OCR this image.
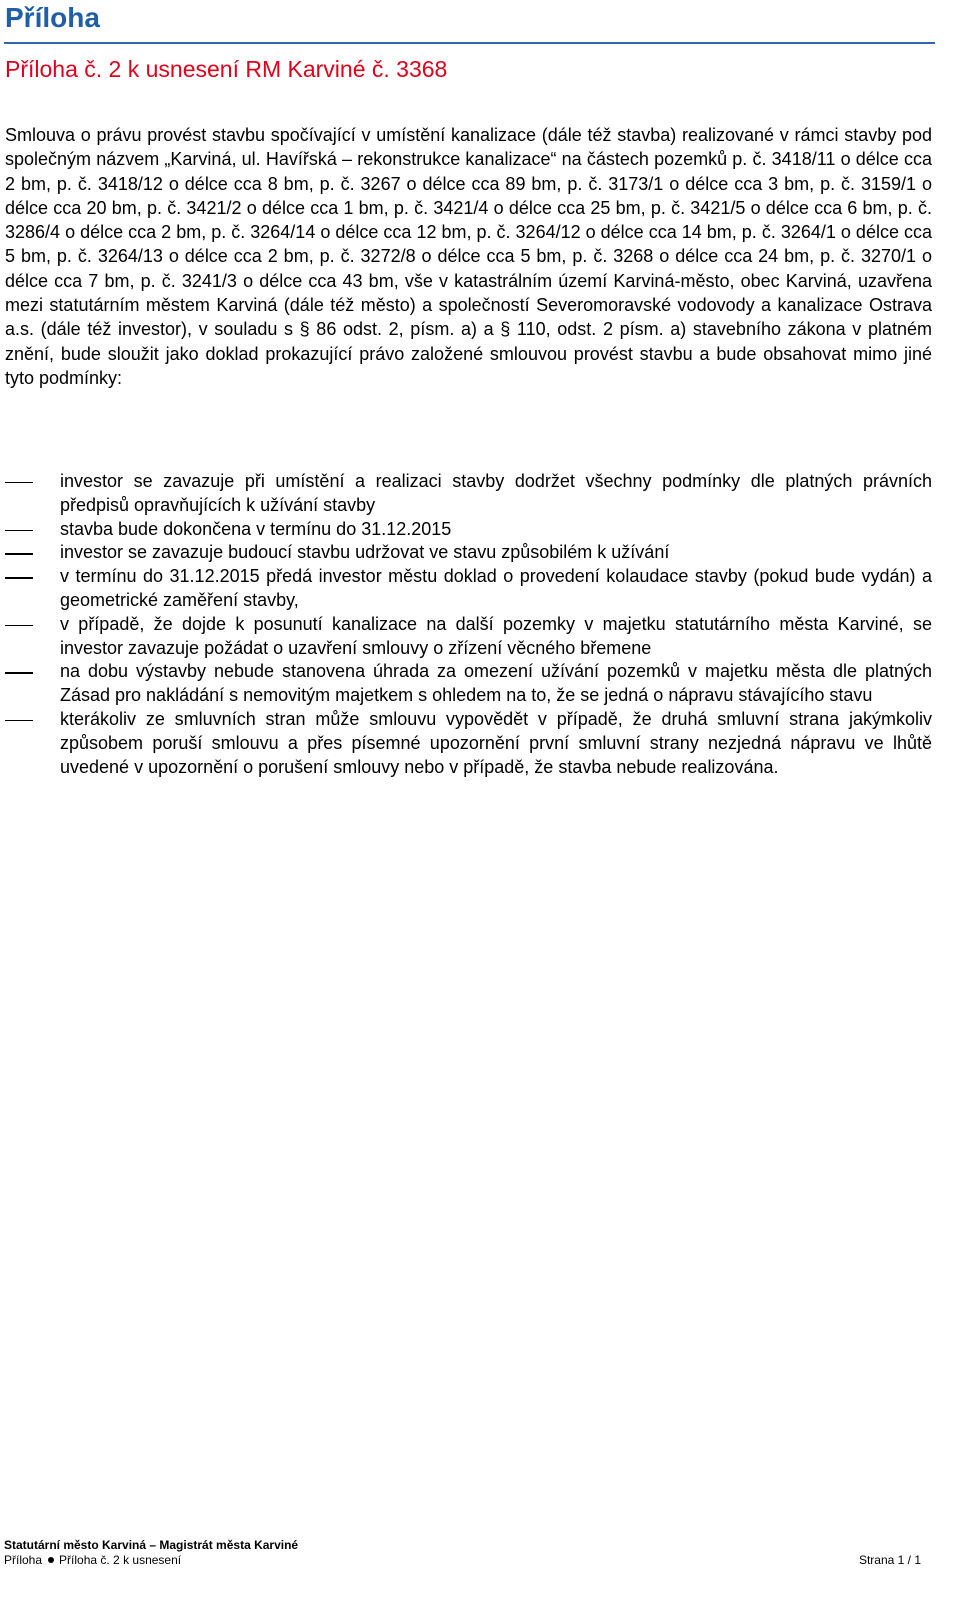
Příloha
Příloha č. 2 k usnesení RM Karviné č. 3368
Smlouva o právu provést stavbu spočívající v umístění kanalizace (dále též stavba) realizované v rámci stavby pod společným názvem „Karviná, ul. Havířská – rekonstrukce kanalizace“ na částech pozemků p. č. 3418/11 o délce cca 2 bm, p. č. 3418/12 o délce cca 8 bm, p. č. 3267 o délce cca 89 bm, p. č. 3173/1 o délce cca 3 bm, p. č. 3159/1 o délce cca 20 bm, p. č. 3421/2 o délce cca 1 bm, p. č. 3421/4 o délce cca 25 bm, p. č. 3421/5 o délce cca 6 bm, p. č. 3286/4 o délce cca 2 bm, p. č. 3264/14 o délce cca 12 bm, p. č. 3264/12 o délce cca 14 bm, p. č. 3264/1 o délce cca 5 bm, p. č. 3264/13 o délce cca 2 bm, p. č. 3272/8 o délce cca 5 bm, p. č. 3268 o délce cca 24 bm, p. č. 3270/1 o délce cca 7 bm, p. č. 3241/3 o délce cca 43 bm, vše v katastrálním území Karviná-město, obec Karviná, uzavřena mezi statutárním městem Karviná (dále též město) a společností Severomoravské vodovody a kanalizace Ostrava a.s. (dále též investor), v souladu s § 86 odst. 2, písm. a) a § 110, odst. 2 písm. a) stavebního zákona v platném znění, bude sloužit jako doklad prokazující právo založené smlouvou provést stavbu a bude obsahovat mimo jiné tyto podmínky:
investor se zavazuje při umístění a realizaci stavby dodržet všechny podmínky dle platných právních předpisů opravňujících k užívání stavby
stavba bude dokončena v termínu do 31.12.2015
investor se zavazuje budoucí stavbu udržovat ve stavu způsobilém k užívání
v termínu do 31.12.2015 předá investor městu doklad o provedení kolaudace stavby (pokud bude vydán) a geometrické zaměření stavby,
v případě, že dojde k posunutí kanalizace na další pozemky v majetku statutárního města Karviné, se investor zavazuje požádat o uzavření smlouvy o zřízení věcného břemene
na dobu výstavby nebude stanovena úhrada za omezení užívání pozemků v majetku města dle platných Zásad pro nakládání s nemovitým majetkem s ohledem na to, že se jedná o nápravu stávajícího stavu
kterákoliv ze smluvních stran může smlouvu vypovědět v případě, že druhá smluvní strana jakýmkoliv způsobem poruší smlouvu a přes písemné upozornění první smluvní strany nezjedná nápravu ve lhůtě uvedené v upozornění o porušení smlouvy nebo v případě, že stavba nebude realizována.
Statutární město Karviná – Magistrát města Karviné
Příloha Příloha č. 2 k usnesení	Strana 1 / 1
